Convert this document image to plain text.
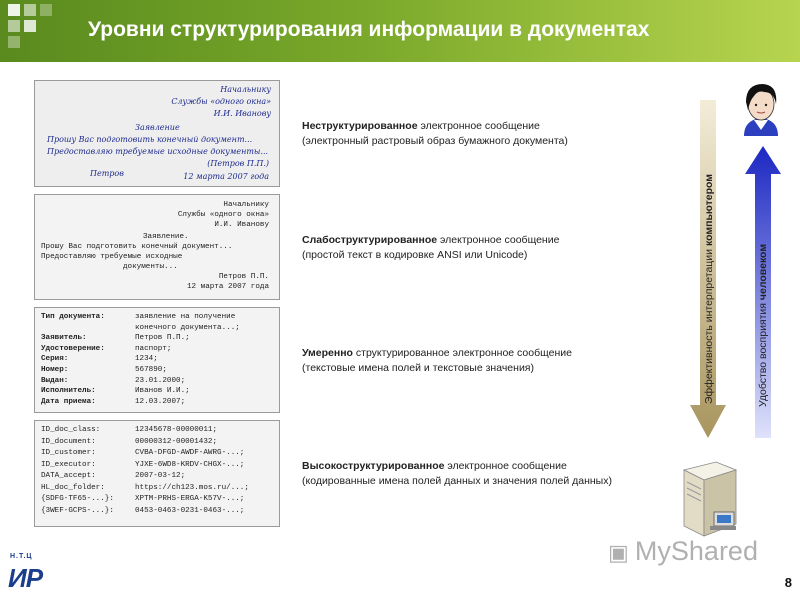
Уровни структурирования информации в документах
Начальнику
Службы «одного окна»
И.И. Иванову
Заявление
Прошу Вас подготовить конечный документ...
Предоставляю требуемые исходные документы...
(Петров П.П.)
Петров	12 марта 2007 года
Начальнику
Службы «одного окна»
И.И. Иванову
Заявление.
Прошу Вас подготовить конечный документ...
Предоставляю требуемые исходные
документы...
Петров П.П.
12 марта 2007 года
Тип документа:	заявление на получение
конечного документа...;
Заявитель:	Петров П.П.;
Удостоверение:	паспорт;
Серия:	1234;
Номер:	567890;
Выдан:	23.01.2000;
Исполнитель:	Иванов И.И.;
Дата приема:	12.03.2007;
ID_doc_class:	12345678-00000011;
ID_document:	00000312-00001432;
ID_customer:	CVBA-DFGD-AWDF-AWRG-...;
ID_executor:	YJXE-6WD8-KRDV-CHGX-...;
DATA_accept:	2007-03-12;
HL_doc_folder:	https://ch123.mos.ru/...;
{SDFG-TF65-...}:	XPTM-PRHS-ERGA-K57V-...;
{3WEF-GCPS-...}:	0453-0463-0231-0463-...;
Неструктурированное электронное сообщение
(электронный растровый образ бумажного документа)
Слабоструктурированное электронное сообщение
(простой текст в кодировке ANSI или Unicode)
Умеренно структурированное электронное сообщение
(текстовые имена полей и текстовые значения)
Высокоструктурированное электронное сообщение
(кодированные имена полей данных и значения полей данных)
Эффективность интерпретации компьютером
Удобство восприятия человеком
Н.Т.Ц
ИР
▣ MyShared
8
